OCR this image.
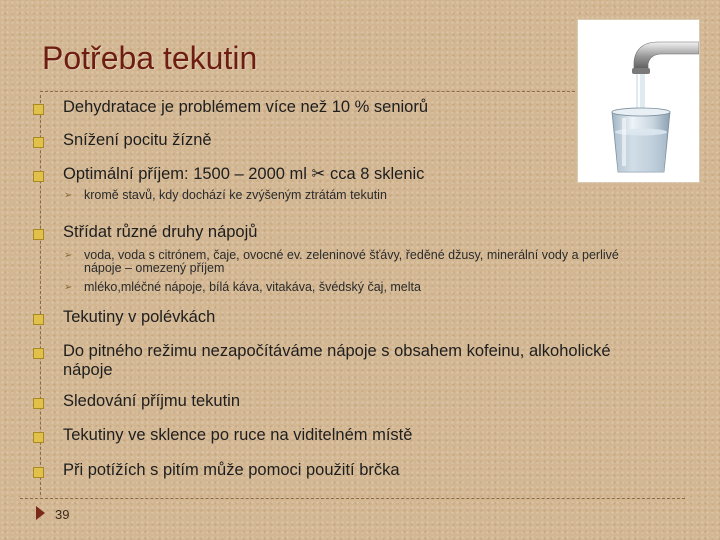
Potřeba tekutin
Dehydratace je problémem více než 10 % seniorů
Snížení pocitu žízně
Optimální příjem: 1500 – 2000 ml ✂ cca 8 sklenic
➢ kromě stavů, kdy dochází ke zvýšeným ztrátám tekutin
Střídat různé druhy nápojů
➢ voda, voda s citrónem, čaje, ovocné ev. zeleninové šťávy, ředěné džusy, minerální vody a perlivé nápoje – omezený příjem
➢ mléko,mléčné nápoje, bílá káva, vitakáva, švédský čaj, melta
Tekutiny v polévkách
Do pitného režimu nezapočítáváme nápoje s obsahem kofeinu, alkoholické nápoje
Sledování příjmu tekutin
Tekutiny ve sklence po ruce na viditelném místě
Při potížích s pitím může pomoci použití brčka
39
